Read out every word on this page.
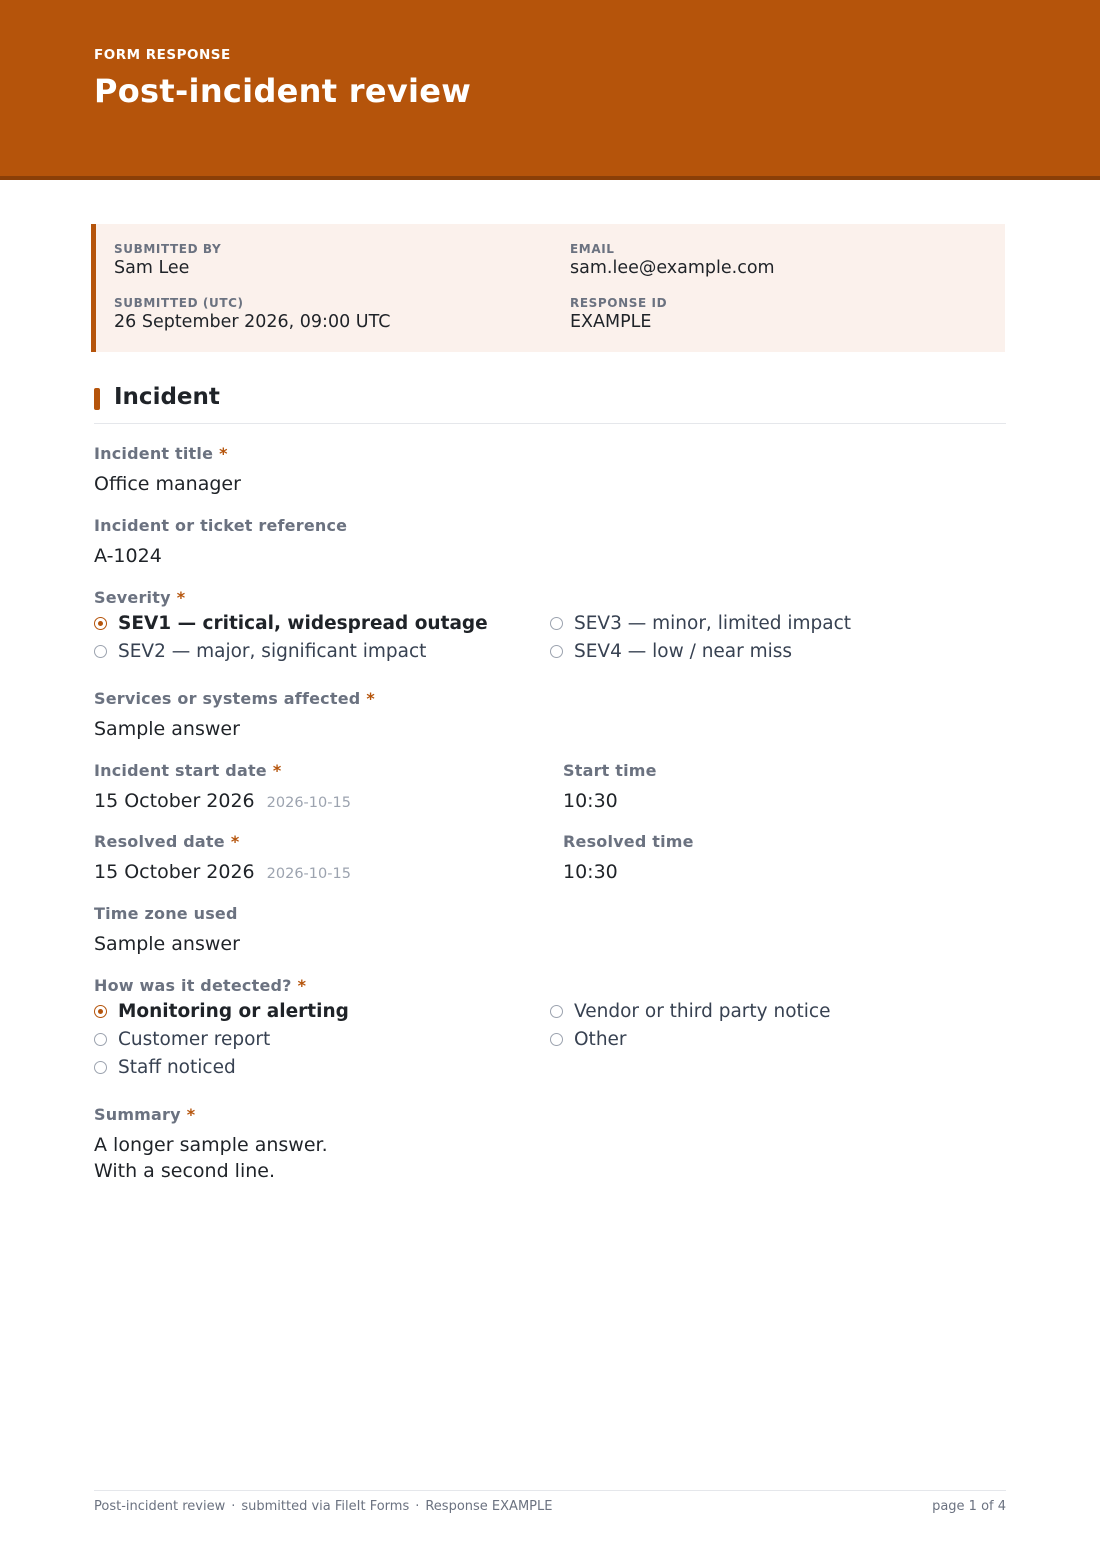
FORM RESPONSE
Post-incident review
SUBMITTED BY
Sam Lee
EMAIL
sam.lee@example.com
SUBMITTED (UTC)
26 September 2026, 09:00 UTC
RESPONSE ID
EXAMPLE
Incident
Incident title *
Office manager
Incident or ticket reference
A-1024
Severity *
SEV1 — critical, widespread outage
SEV2 — major, significant impact
SEV3 — minor, limited impact
SEV4 — low / near miss
Services or systems affected *
Sample answer
Incident start date *
15 October 2026 2026-10-15
Start time
10:30
Resolved date *
15 October 2026 2026-10-15
Resolved time
10:30
Time zone used
Sample answer
How was it detected? *
Monitoring or alerting
Customer report
Staff noticed
Vendor or third party notice
Other
Summary *
A longer sample answer.
With a second line.
Post-incident review · submitted via FileIt Forms · Response EXAMPLE	page 1 of 4
